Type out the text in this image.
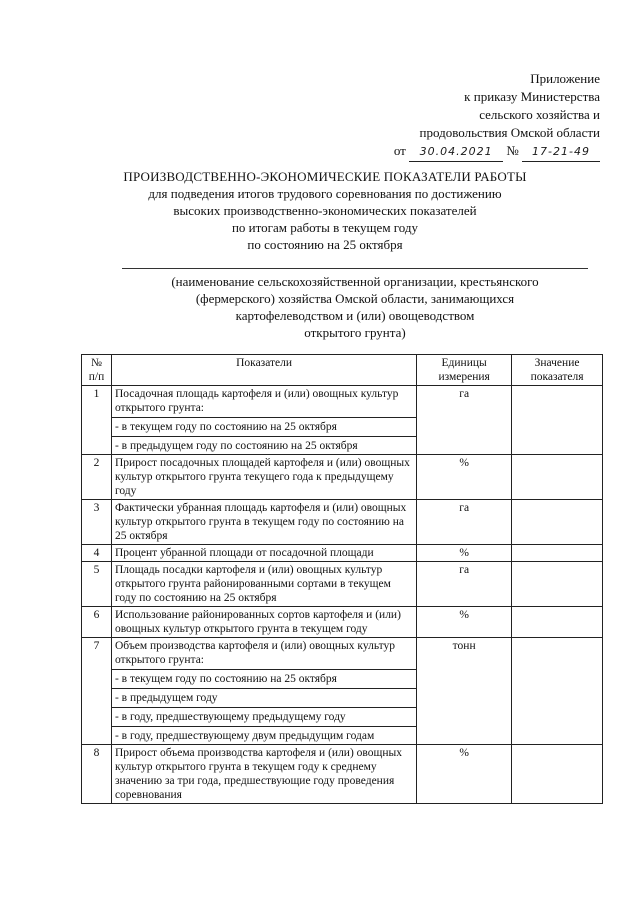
Приложение
к приказу Министерства
сельского хозяйства и
продовольствия Омской области
от 30.04.2021 № 17-21-49
ПРОИЗВОДСТВЕННО-ЭКОНОМИЧЕСКИЕ ПОКАЗАТЕЛИ РАБОТЫ
для подведения итогов трудового соревнования по достижению
высоких производственно-экономических показателей
по итогам работы в текущем году
по состоянию на 25 октября
(наименование сельскохозяйственной организации, крестьянского
(фермерского) хозяйства Омской области, занимающихся
картофелеводством и (или) овощеводством
открытого грунта)
№ п/п	Показатели	Единицы измерения	Значение показателя
1	Посадочная площадь картофеля и (или) овощных культур открытого грунта:
- в текущем году по состоянию на 25 октября
- в предыдущем году по состоянию на 25 октября	га	
2	Прирост посадочных площадей картофеля и (или) овощных культур открытого грунта текущего года к предыдущему году	%	
3	Фактически убранная площадь картофеля и (или) овощных культур открытого грунта в текущем году по состоянию на 25 октября	га	
4	Процент убранной площади от посадочной площади	%	
5	Площадь посадки картофеля и (или) овощных культур открытого грунта районированными сортами в текущем году по состоянию на 25 октября	га	
6	Использование районированных сортов картофеля и (или) овощных культур открытого грунта в текущем году	%	
7	Объем производства картофеля и (или) овощных культур открытого грунта:
- в текущем году по состоянию на 25 октября
- в предыдущем году
- в году, предшествующему предыдущему году
- в году, предшествующему двум предыдущим годам	тонн	
8	Прирост объема производства картофеля и (или) овощных культур открытого грунта в текущем году к среднему значению за три года, предшествующие году проведения соревнования	%	
